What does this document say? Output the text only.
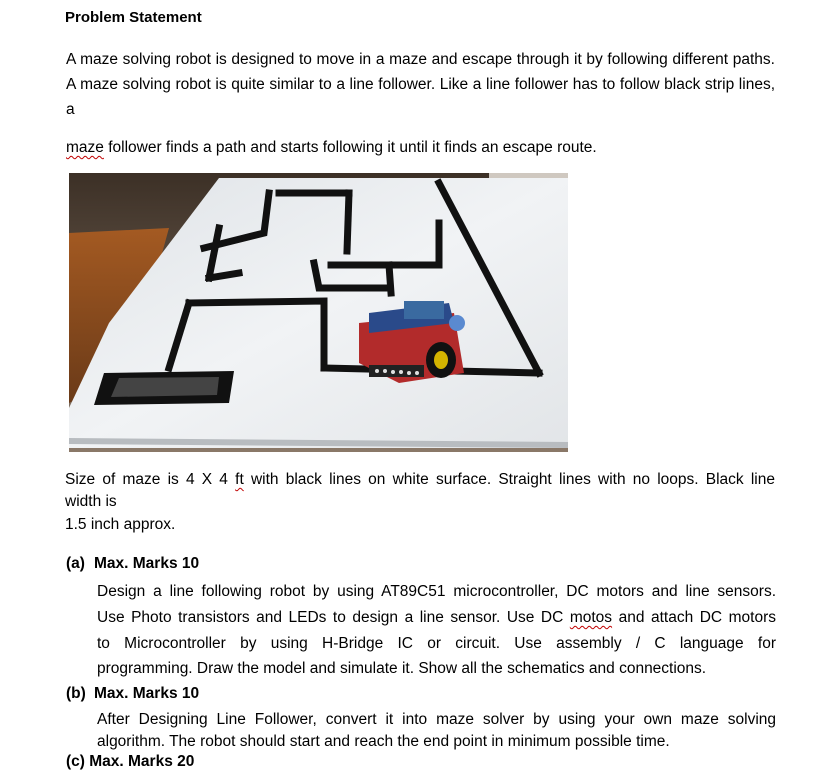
Problem Statement
A maze solving robot is designed to move in a maze and escape through it by following different paths. A maze solving robot is quite similar to a line follower. Like a line follower has to follow black strip lines, a
maze follower finds a path and starts following it until it finds an escape route.
Size of maze is 4 X 4 ft with black lines on white surface. Straight lines with no loops. Black line
width is
1.5 inch approx.
(a) Max. Marks 10
Design a line following robot by using AT89C51 microcontroller, DC motors and line sensors.
Use Photo transistors and LEDs to design a line sensor. Use DC motos and attach DC motors
to Microcontroller by using H-Bridge IC or circuit. Use assembly / C language for
programming. Draw the model and simulate it. Show all the schematics and connections.
(b) Max. Marks 10
After Designing Line Follower, convert it into maze solver by using your own maze solving
algorithm. The robot should start and reach the end point in minimum possible time.
(c) Max. Marks 20
